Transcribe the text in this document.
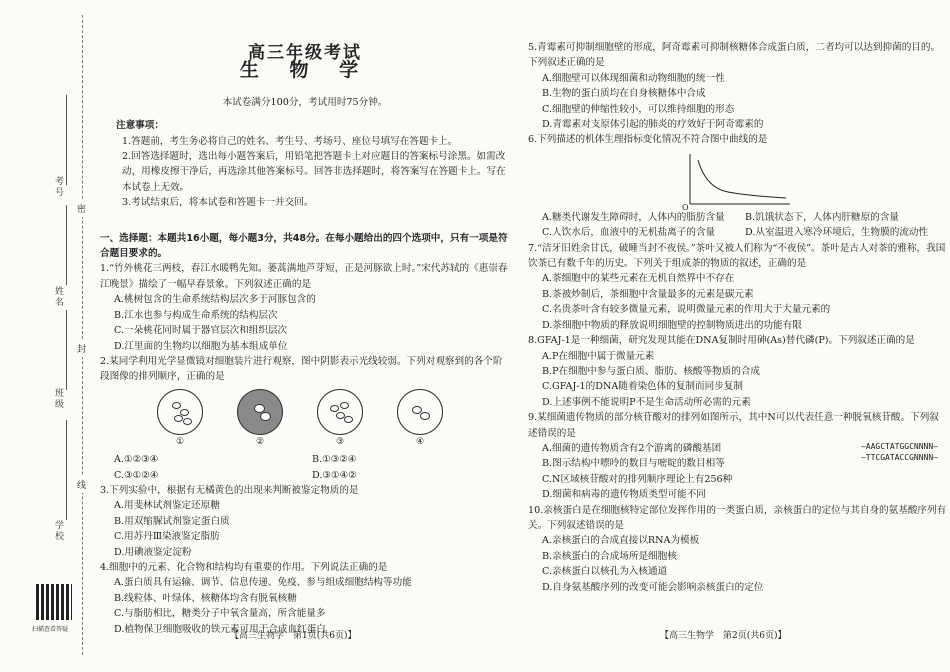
考号
姓名
班级
学校
密
封
线
扫描查看答疑
高三年级考试
生 物 学

本试卷满分100分，考试用时75分钟。

注意事项：

1.答题前，考生务必将自己的姓名、考生号、考场号、座位号填写在答题卡上。

2.回答选择题时，选出每小题答案后，用铅笔把答题卡上对应题目的答案标号涂黑。如需改动，用橡皮擦干净后，再选涂其他答案标号。回答非选择题时，将答案写在答题卡上。写在本试卷上无效。

3.考试结束后，将本试卷和答题卡一并交回。

一、选择题：本题共16小题，每小题3分，共48分。在每小题给出的四个选项中，只有一项是符合题目要求的。

1.“竹外桃花三两枝，春江水暖鸭先知。蒌蒿满地芦芽短，正是河豚欲上时。”宋代苏轼的《惠崇春江晚景》描绘了一幅早春景象。下列叙述正确的是

A.桃树包含的生命系统结构层次多于河豚包含的

B.江水也参与构成生命系统的结构层次

C.一朵桃花同时属于器官层次和组织层次

D.江里面的生物均以细胞为基本组成单位

2.某同学利用光学显微镜对细胞装片进行观察，图中阴影表示光线较弱。下列对观察到的各个阶段图像的排列顺序，正确的是

①	②	③	④
A.①②③④	B.①③②④
C.③①②④	D.③①④②

3.下列实验中，根据有无橘黄色的出现来判断被鉴定物质的是

A.用斐林试剂鉴定还原糖

B.用双缩脲试剂鉴定蛋白质

C.用苏丹Ⅲ染液鉴定脂肪

D.用碘液鉴定淀粉

4.细胞中的元素、化合物和结构均有重要的作用。下列说法正确的是

A.蛋白质具有运输、调节、信息传递、免疫、参与组成细胞结构等功能

B.线粒体、叶绿体、核糖体均含有脱氧核糖

C.与脂肪相比，糖类分子中氧含量高，所含能量多

D.植物保卫细胞吸收的铁元素可用于合成血红蛋白

5.青霉素可抑制细胞壁的形成，阿奇霉素可抑制核糖体合成蛋白质，二者均可以达到抑菌的目的。下列叙述正确的是

A.细胞壁可以体现细菌和动物细胞的统一性

B.生物的蛋白质均在自身核糖体中合成

C.细胞壁的伸缩性较小，可以维持细胞的形态

D.青霉素对支原体引起的肺炎的疗效好于阿奇霉素的

6.下列描述的机体生理指标变化情况不符合图中曲线的是

O
A.糖类代谢发生障碍时，人体内的脂肪含量	B.饥饿状态下，人体内肝糖原的含量
C.人饮水后，血液中的无机盐离子的含量	D.从室温进入寒冷环境后，生物膜的流动性

7.“洁牙旧姓余甘氏，破睡当封不夜侯。”茶叶又被人们称为“不夜侯”。茶叶是古人对茶的雅称，我国饮茶已有数千年的历史。下列关于组成茶的物质的叙述，正确的是

A.茶细胞中的某些元素在无机自然界中不存在

B.茶被炒制后，茶细胞中含量最多的元素是碳元素

C.名贵茶叶含有较多微量元素，说明微量元素的作用大于大量元素的

D.茶细胞中物质的释放说明细胞壁的控制物质进出的功能有限

8.GFAJ-1是一种细菌，研究发现其能在DNA复制时用砷(As)替代磷(P)。下列叙述正确的是

A.P在细胞中属于微量元素

B.P在细胞中参与蛋白质、脂肪、核酸等物质的合成

C.GFAJ-1的DNA随着染色体的复制而同步复制

D.上述事例不能说明P不是生命活动所必需的元素

9.某细菌遗传物质的部分核苷酸对的排列如图所示，其中N可以代表任意一种脱氧核苷酸。下列叙述错误的是

—AAGCTATGGCNNNN—
—TTCGATACCGNNNN—

A.细菌的遗传物质含有2个游离的磷酸基团

B.图示结构中嘌呤的数目与嘧啶的数目相等

C.N区域核苷酸对的排列顺序理论上有256种

D.细菌和病毒的遗传物质类型可能不同

10.亲核蛋白是在细胞核特定部位发挥作用的一类蛋白质，亲核蛋白的定位与其自身的氨基酸序列有关。下列叙述错误的是

A.亲核蛋白的合成直接以RNA为模板

B.亲核蛋白的合成场所是细胞核

C.亲核蛋白以核孔为入核通道

D.自身氨基酸序列的改变可能会影响亲核蛋白的定位

【高三生物学　第1页(共6页)】	【高三生物学　第2页(共6页)】
